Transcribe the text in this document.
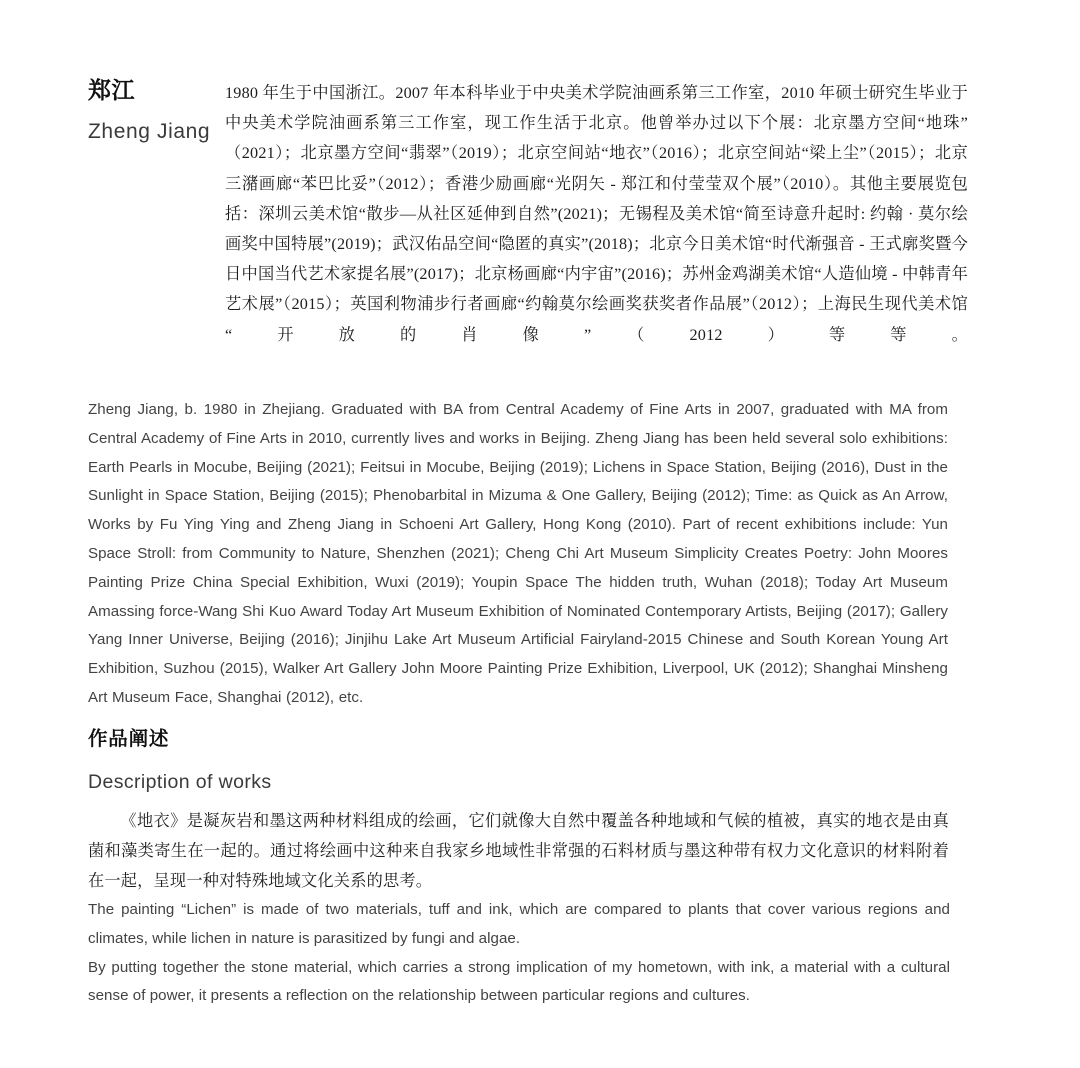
郑江
Zheng Jiang

1980 年生于中国浙江。2007 年本科毕业于中央美术学院油画系第三工作室，2010 年硕士研究生毕业于中央美术学院油画系第三工作室，现工作生活于北京。他曾举办过以下个展：北京墨方空间“地珠”（2021）；北京墨方空间“翡翠”（2019）；北京空间站“地衣”（2016）；北京空间站“梁上尘”（2015）；北京三潴画廊“苯巴比妥”（2012）；香港少励画廊“光阴矢 - 郑江和付莹莹双个展”（2010）。其他主要展览包括：深圳云美术馆“散步—从社区延伸到自然”(2021)；无锡程及美术馆“简至诗意升起时: 约翰 · 莫尔绘画奖中国特展”(2019)；武汉佑品空间“隐匿的真实”(2018)；北京今日美术馆“时代渐强音 - 王式廓奖暨今日中国当代艺术家提名展”(2017)；北京杨画廊“内宇宙”(2016)；苏州金鸡湖美术馆“人造仙境 - 中韩青年艺术展”（2015）；英国利物浦步行者画廊“约翰莫尔绘画奖获奖者作品展”（2012）；上海民生现代美术馆“开放的肖像”（2012）等等。

Zheng Jiang, b. 1980 in Zhejiang. Graduated with BA from Central Academy of Fine Arts in 2007, graduated with MA from Central Academy of Fine Arts in 2010, currently lives and works in Beijing. Zheng Jiang has been held several solo exhibitions: Earth Pearls in Mocube, Beijing (2021); Feitsui in Mocube, Beijing (2019); Lichens in Space Station, Beijing (2016), Dust in the Sunlight in Space Station, Beijing (2015); Phenobarbital in Mizuma & One Gallery, Beijing (2012); Time: as Quick as An Arrow, Works by Fu Ying Ying and Zheng Jiang in Schoeni Art Gallery, Hong Kong (2010). Part of recent exhibitions include: Yun Space Stroll: from Community to Nature, Shenzhen (2021); Cheng Chi Art Museum Simplicity Creates Poetry: John Moores Painting Prize China Special Exhibition, Wuxi (2019); Youpin Space The hidden truth, Wuhan (2018); Today Art Museum Amassing force-Wang Shi Kuo Award Today Art Museum Exhibition of Nominated Contemporary Artists, Beijing (2017); Gallery Yang Inner Universe, Beijing (2016); Jinjihu Lake Art Museum Artificial Fairyland-2015 Chinese and South Korean Young Art Exhibition, Suzhou (2015), Walker Art Gallery John Moore Painting Prize Exhibition, Liverpool, UK (2012); Shanghai Minsheng Art Museum Face, Shanghai (2012), etc.

作品阐述
Description of works

《地衣》是凝灰岩和墨这两种材料组成的绘画，它们就像大自然中覆盖各种地域和气候的植被，真实的地衣是由真菌和藻类寄生在一起的。通过将绘画中这种来自我家乡地域性非常强的石料材质与墨这种带有权力文化意识的材料附着在一起，呈现一种对特殊地域文化关系的思考。

The painting “Lichen” is made of two materials, tuff and ink, which are compared to plants that cover various regions and climates, while lichen in nature is parasitized by fungi and algae.

By putting together the stone material, which carries a strong implication of my hometown, with ink, a material with a cultural sense of power, it presents a reflection on the relationship between particular regions and cultures.
